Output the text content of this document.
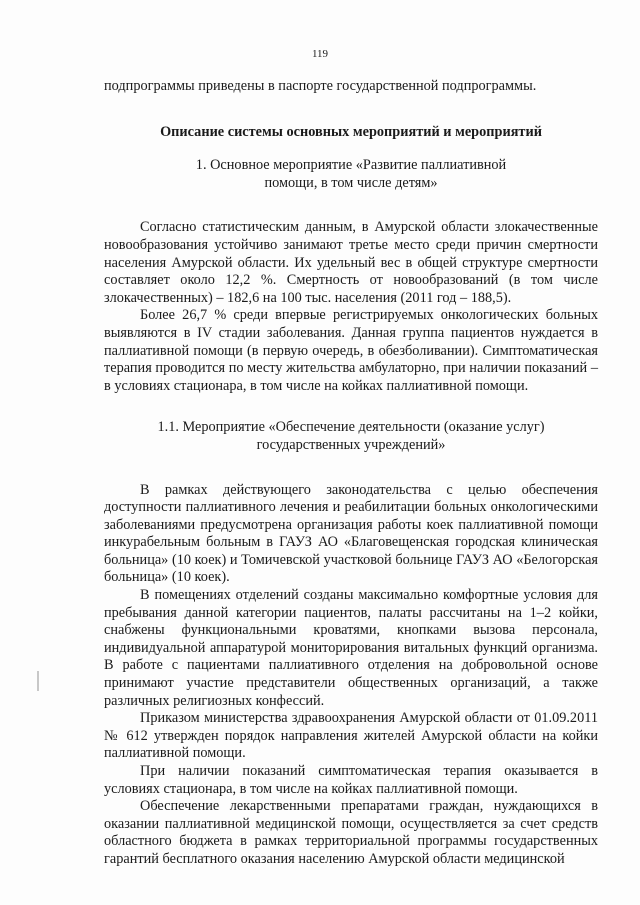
119

подпрограммы приведены в паспорте государственной подпрограммы.

Описание системы основных мероприятий и мероприятий

1. Основное мероприятие «Развитие паллиативной
помощи, в том числе детям»

Согласно статистическим данным, в Амурской области злокачественные новообразования устойчиво занимают третье место среди причин смертности населения Амурской области. Их удельный вес в общей структуре смертности составляет около 12,2 %. Смертность от новообразований (в том числе злокачественных) – 182,6 на 100 тыс. населения (2011 год – 188,5).

Более 26,7 % среди впервые регистрируемых онкологических больных выявляются в IV стадии заболевания. Данная группа пациентов нуждается в паллиативной помощи (в первую очередь, в обезболивании). Симптоматическая терапия проводится по месту жительства амбулаторно, при наличии показаний – в условиях стационара, в том числе на койках паллиативной помощи.

1.1. Мероприятие «Обеспечение деятельности (оказание услуг)
государственных учреждений»

В рамках действующего законодательства с целью обеспечения доступности паллиативного лечения и реабилитации больных онкологическими заболеваниями предусмотрена организация работы коек паллиативной помощи инкурабельным больным в ГАУЗ АО «Благовещенская городская клиническая больница» (10 коек) и Томичевской участковой больнице ГАУЗ АО «Белогорская больница» (10 коек).

В помещениях отделений созданы максимально комфортные условия для пребывания данной категории пациентов, палаты рассчитаны на 1–2 койки, снабжены функциональными кроватями, кнопками вызова персонала, индивидуальной аппаратурой мониторирования витальных функций организма. В работе с пациентами паллиативного отделения на добровольной основе принимают участие представители общественных организаций, а также различных религиозных конфессий.

Приказом министерства здравоохранения Амурской области от 01.09.2011 № 612 утвержден порядок направления жителей Амурской области на койки паллиативной помощи.

При наличии показаний симптоматическая терапия оказывается в условиях стационара, в том числе на койках паллиативной помощи.

Обеспечение лекарственными препаратами граждан, нуждающихся в оказании паллиативной медицинской помощи, осуществляется за счет средств областного бюджета в рамках территориальной программы государственных гарантий бесплатного оказания населению Амурской области медицинской
